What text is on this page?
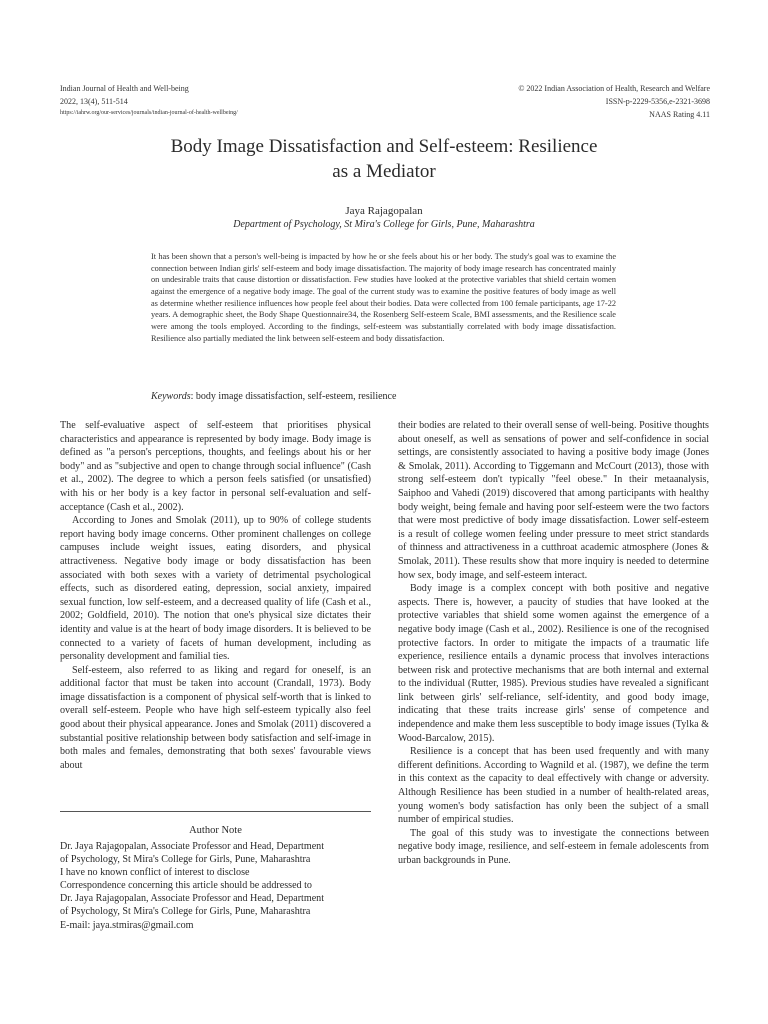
Indian Journal of Health and Well-being
2022, 13(4), 511-514
https://iahrw.org/our-services/journals/indian-journal-of-health-wellbeing/
© 2022 Indian Association of Health, Research and Welfare
ISSN-p-2229-5356,e-2321-3698
NAAS Rating 4.11
Body Image Dissatisfaction and Self-esteem: Resilience
as a Mediator
Jaya Rajagopalan
Department of Psychology, St Mira's College for Girls, Pune, Maharashtra
It has been shown that a person's well-being is impacted by how he or she feels about his or her body. The study's goal was to examine the connection between Indian girls' self-esteem and body image dissatisfaction. The majority of body image research has concentrated mainly on undesirable traits that cause distortion or dissatisfaction. Few studies have looked at the protective variables that shield certain women against the emergence of a negative body image. The goal of the current study was to examine the positive features of body image as well as determine whether resilience influences how people feel about their bodies. Data were collected from 100 female participants, age 17-22 years. A demographic sheet, the Body Shape Questionnaire34, the Rosenberg Self-esteem Scale, BMI assessments, and the Resilience scale were among the tools employed. According to the findings, self-esteem was substantially correlated with body image dissatisfaction. Resilience also partially mediated the link between self-esteem and body dissatisfaction.
Keywords: body image dissatisfaction, self-esteem, resilience

The self-evaluative aspect of self-esteem that prioritises physical characteristics and appearance is represented by body image. Body image is defined as "a person's perceptions, thoughts, and feelings about his or her body" and as "subjective and open to change through social influence" (Cash et al., 2002). The degree to which a person feels satisfied (or unsatisfied) with his or her body is a key factor in personal self-evaluation and self-acceptance (Cash et al., 2002).

According to Jones and Smolak (2011), up to 90% of college students report having body image concerns. Other prominent challenges on college campuses include weight issues, eating disorders, and physical attractiveness. Negative body image or body dissatisfaction has been associated with both sexes with a variety of detrimental psychological effects, such as disordered eating, depression, social anxiety, impaired sexual function, low self-esteem, and a decreased quality of life (Cash et al., 2002; Goldfield, 2010). The notion that one's physical size dictates their identity and value is at the heart of body image disorders. It is believed to be connected to a variety of facets of human development, including as personality development and familial ties.

Self-esteem, also referred to as liking and regard for oneself, is an additional factor that must be taken into account (Crandall, 1973). Body image dissatisfaction is a component of physical self-worth that is linked to overall self-esteem. People who have high self-esteem typically also feel good about their physical appearance. Jones and Smolak (2011) discovered a substantial positive relationship between body satisfaction and self-image in both males and females, demonstrating that both sexes' favourable views about

their bodies are related to their overall sense of well-being. Positive thoughts about oneself, as well as sensations of power and self-confidence in social settings, are consistently associated to having a positive body image (Jones & Smolak, 2011). According to Tiggemann and McCourt (2013), those with strong self-esteem don't typically "feel obese." In their metaanalysis, Saiphoo and Vahedi (2019) discovered that among participants with healthy body weight, being female and having poor self-esteem were the two factors that were most predictive of body image dissatisfaction. Lower self-esteem is a result of college women feeling under pressure to meet strict standards of thinness and attractiveness in a cutthroat academic atmosphere (Jones & Smolak, 2011). These results show that more inquiry is needed to determine how sex, body image, and self-esteem interact.

Body image is a complex concept with both positive and negative aspects. There is, however, a paucity of studies that have looked at the protective variables that shield some women against the emergence of a negative body image (Cash et al., 2002). Resilience is one of the recognised protective factors. In order to mitigate the impacts of a traumatic life experience, resilience entails a dynamic process that involves interactions between risk and protective mechanisms that are both internal and external to the individual (Rutter, 1985). Previous studies have revealed a significant link between girls' self-reliance, self-identity, and good body image, indicating that these traits increase girls' sense of competence and independence and make them less susceptible to body image issues (Tylka & Wood-Barcalow, 2015).

Resilience is a concept that has been used frequently and with many different definitions. According to Wagnild et al. (1987), we define the term in this context as the capacity to deal effectively with change or adversity. Although Resilience has been studied in a number of health-related areas, young women's body satisfaction has only been the subject of a small number of empirical studies.

The goal of this study was to investigate the connections between negative body image, resilience, and self-esteem in female adolescents from urban backgrounds in Pune.

Author Note
Dr. Jaya Rajagopalan, Associate Professor and Head, Department
of Psychology, St Mira's College for Girls, Pune, Maharashtra
I have no known conflict of interest to disclose
Correspondence concerning this article should be addressed to
Dr. Jaya Rajagopalan, Associate Professor and Head, Department
of Psychology, St Mira's College for Girls, Pune, Maharashtra
E-mail: jaya.stmiras@gmail.com
